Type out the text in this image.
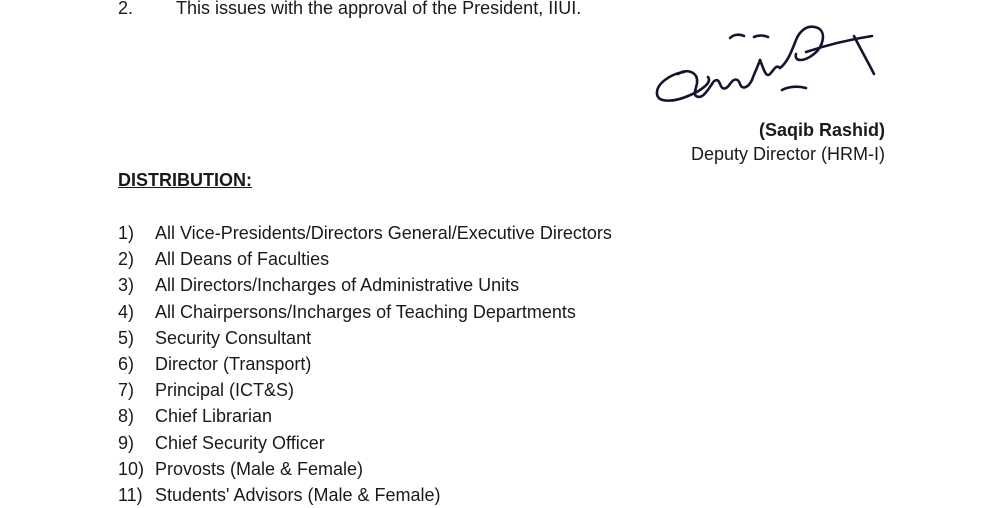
2. This issues with the approval of the President, IIUI.
(Saqib Rashid)
Deputy Director (HRM-I)
DISTRIBUTION:
1) All Vice-Presidents/Directors General/Executive Directors
2) All Deans of Faculties
3) All Directors/Incharges of Administrative Units
4) All Chairpersons/Incharges of Teaching Departments
5) Security Consultant
6) Director (Transport)
7) Principal (ICT&S)
8) Chief Librarian
9) Chief Security Officer
10) Provosts (Male & Female)
11) Students' Advisors (Male & Female)
